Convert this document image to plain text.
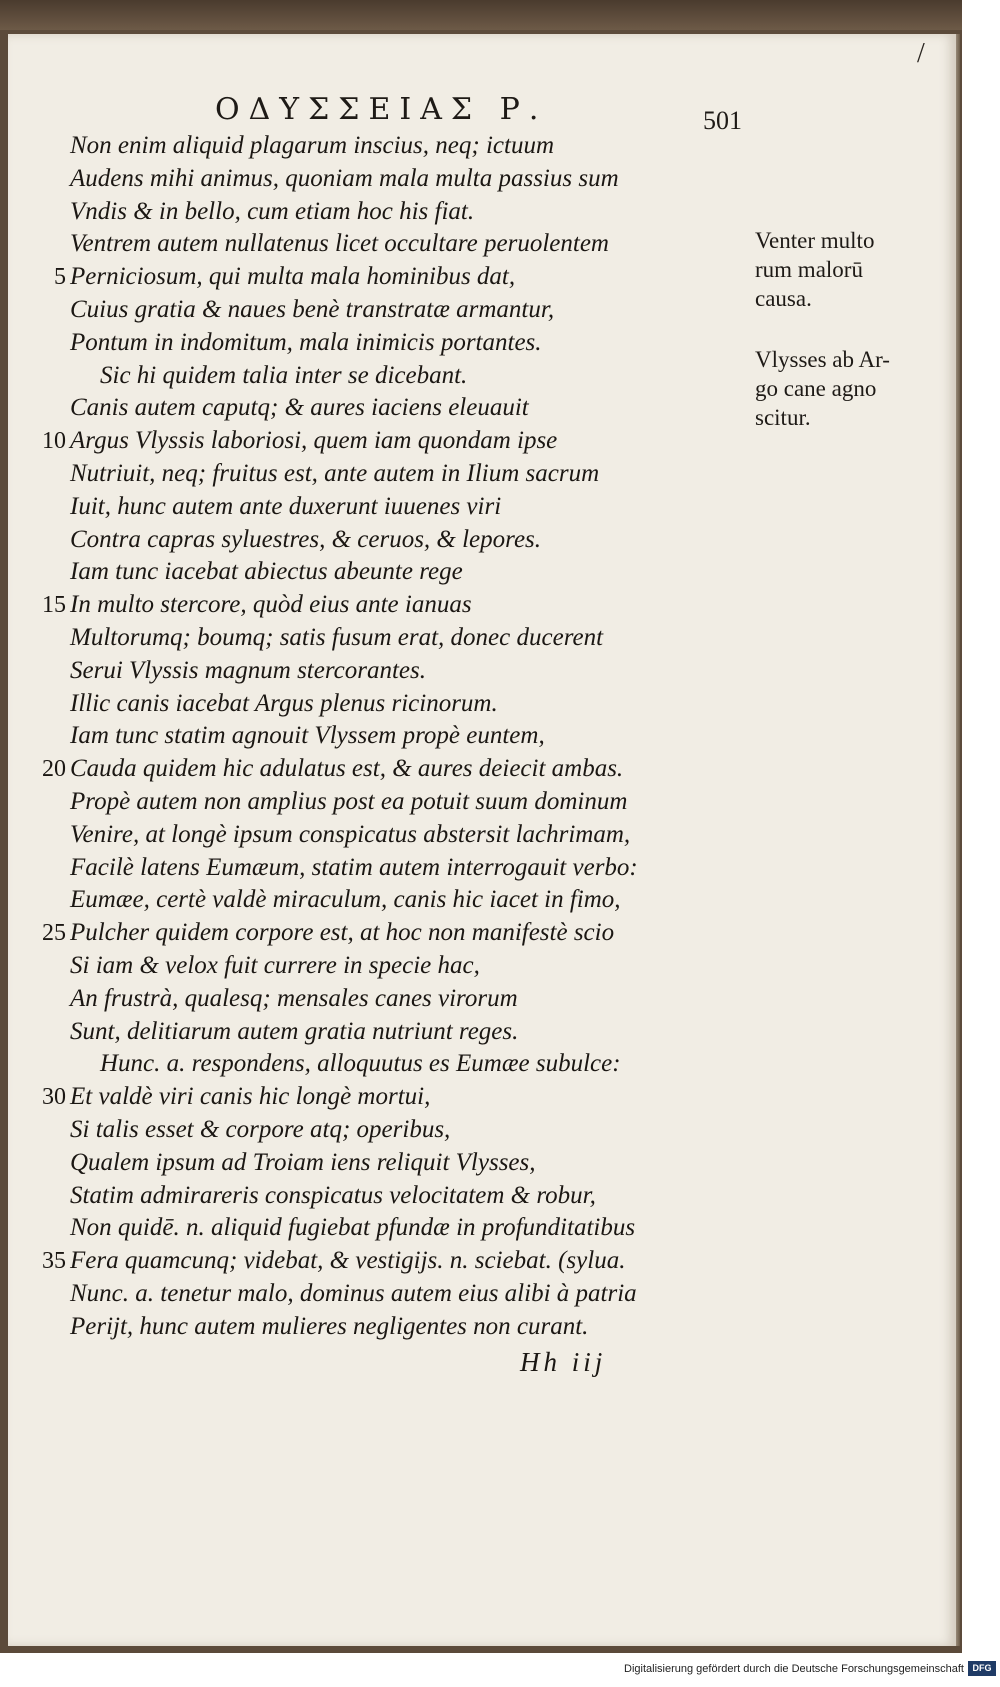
/
ΟΔΥΣΣΕΙΑΣ Ρ.	501
Non enim aliquid plagarum inscius, neq; ictuum
Audens mihi animus, quoniam mala multa passius sum
Vndis & in bello, cum etiam hoc his fiat.
Ventrem autem nullatenus licet occultare peruolentem
5 Perniciosum, qui multa mala hominibus dat,
Cuius gratia & naues benè transtratæ armantur,
Pontum in indomitum, mala inimicis portantes.
Sic hi quidem talia inter se dicebant.
Canis autem caputq; & aures iaciens eleuauit
10 Argus Vlyssis laboriosi, quem iam quondam ipse
Nutriuit, neq; fruitus est, ante autem in Ilium sacrum
Iuit, hunc autem ante duxerunt iuuenes viri
Contra capras syluestres, & ceruos, & lepores.
Iam tunc iacebat abiectus abeunte rege
15 In multo stercore, quòd eius ante ianuas
Multorumq; boumq; satis fusum erat, donec ducerent
Serui Vlyssis magnum stercorantes.
Illic canis iacebat Argus plenus ricinorum.
Iam tunc statim agnouit Vlyssem propè euntem,
20 Cauda quidem hic adulatus est, & aures deiecit ambas.
Propè autem non amplius post ea potuit suum dominum
Venire, at longè ipsum conspicatus abstersit lachrimam,
Facilè latens Eumæum, statim autem interrogauit verbo:
Eumæe, certè valdè miraculum, canis hic iacet in fimo,
25 Pulcher quidem corpore est, at hoc non manifestè scio
Si iam & velox fuit currere in specie hac,
An frustrà, qualesq; mensales canes virorum
Sunt, delitiarum autem gratia nutriunt reges.
Hunc. a. respondens, alloquutus es Eumæe subulce:
30 Et valdè viri canis hic longè mortui,
Si talis esset & corpore atq; operibus,
Qualem ipsum ad Troiam iens reliquit Vlysses,
Statim admirareris conspicatus velocitatem & robur,
Non quidē. n. aliquid fugiebat pfundæ in profunditatibus
35 Fera quamcunq; videbat, & vestigijs. n. sciebat. (sylua.
Nunc. a. tenetur malo, dominus autem eius alibi à patria
Perijt, hunc autem mulieres negligentes non curant.
Venter multo
rum malorū
causa.
Vlysses ab Ar-
go cane agno
scitur.
Hh iij
Digitalisierung gefördert durch die Deutsche Forschungsgemeinschaft DFG
